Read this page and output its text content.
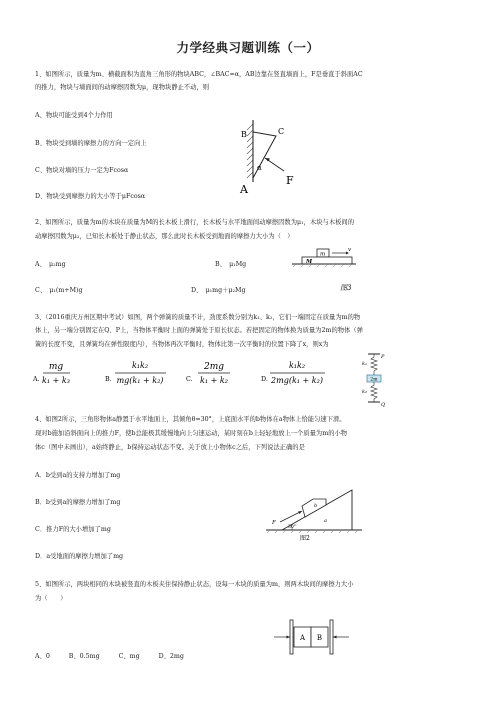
力学经典习题训练（一）
1、如图所示，质量为m、横截面积为直角三角形的物块ABC，∠BAC=α，AB边靠在竖直墙面上，F是垂直于斜面AC
的推力，物块与墙面间的动摩擦因数为μ，现物块静止不动，则
A、物块可能受到4个力作用
B、物块受到墙的摩擦力的方向一定向上
C、物块对墙的压力一定为Fcosα
D、物块受到摩擦力的大小等于μFcosα
B	C
α
A
F
2、如图所示，质量为m的木块在质量为M的长木板上滑行，长木板与水平地面间动摩擦因数为μ₁，木块与木板间的
动摩擦因数为μ₂，已知长木板处于静止状态，那么此时长木板受到地面的摩擦力大小为（　）
A、　μ₂mg	B、　μ₁Mg
C、　μ₁(m+M)g	D、　μ₁mg＋μ₂Mg
m
v
M
图3
3、（2016重庆万州区期中考试）如图，两个弹簧的质量不计，劲度系数分别为k₁、k₂，它们一端固定在质量为m的物
体上，另一端分别固定在Q、P上，当物体平衡时上面的弹簧处于原长状态。若把固定的物体换为质量为2m的物体（弹
簧的长度不变，且弹簧均在弹性限度内），当物体再次平衡时，物体比第一次平衡时的位置下降了x，则x为
A.
mg
k₁ + k₃	B.
k₁k₂
mg(k₁ + k₂)	C.
2mg
k₁ + k₂	D.
k₁k₂
2mg(k₁ + k₂)
P
k₁
2m
k₂
Q
4、如图2所示，三角形物体a静置于水平地面上，其倾角θ=30°，上底面水平的b物体在a物体上恰能匀速下滑。
现对b施加沿斜面向上的推力F，使b总能极其缓慢地向上匀速运动，某时刻在b上轻轻地放上一个质量为m的小物
体c（图中未画出），a始终静止，b保持运动状态不变。关于放上小物体c之后，下列说法正确的是
A．b受到a的支持力增加了mg
B．b受到a的摩擦力增加了mg
C．推力F的大小增加了mg
D．a受地面的摩擦力增加了mg
a
b
F
30°
图2
5、如图所示，两块相同的木块被竖直的木板夹住保持静止状态，设每一木块的质量为m，则两木块间的摩擦力大小
为（　　）
A B
A、0　　　B、0.5mg　　　C、mg　　　D、2mg
